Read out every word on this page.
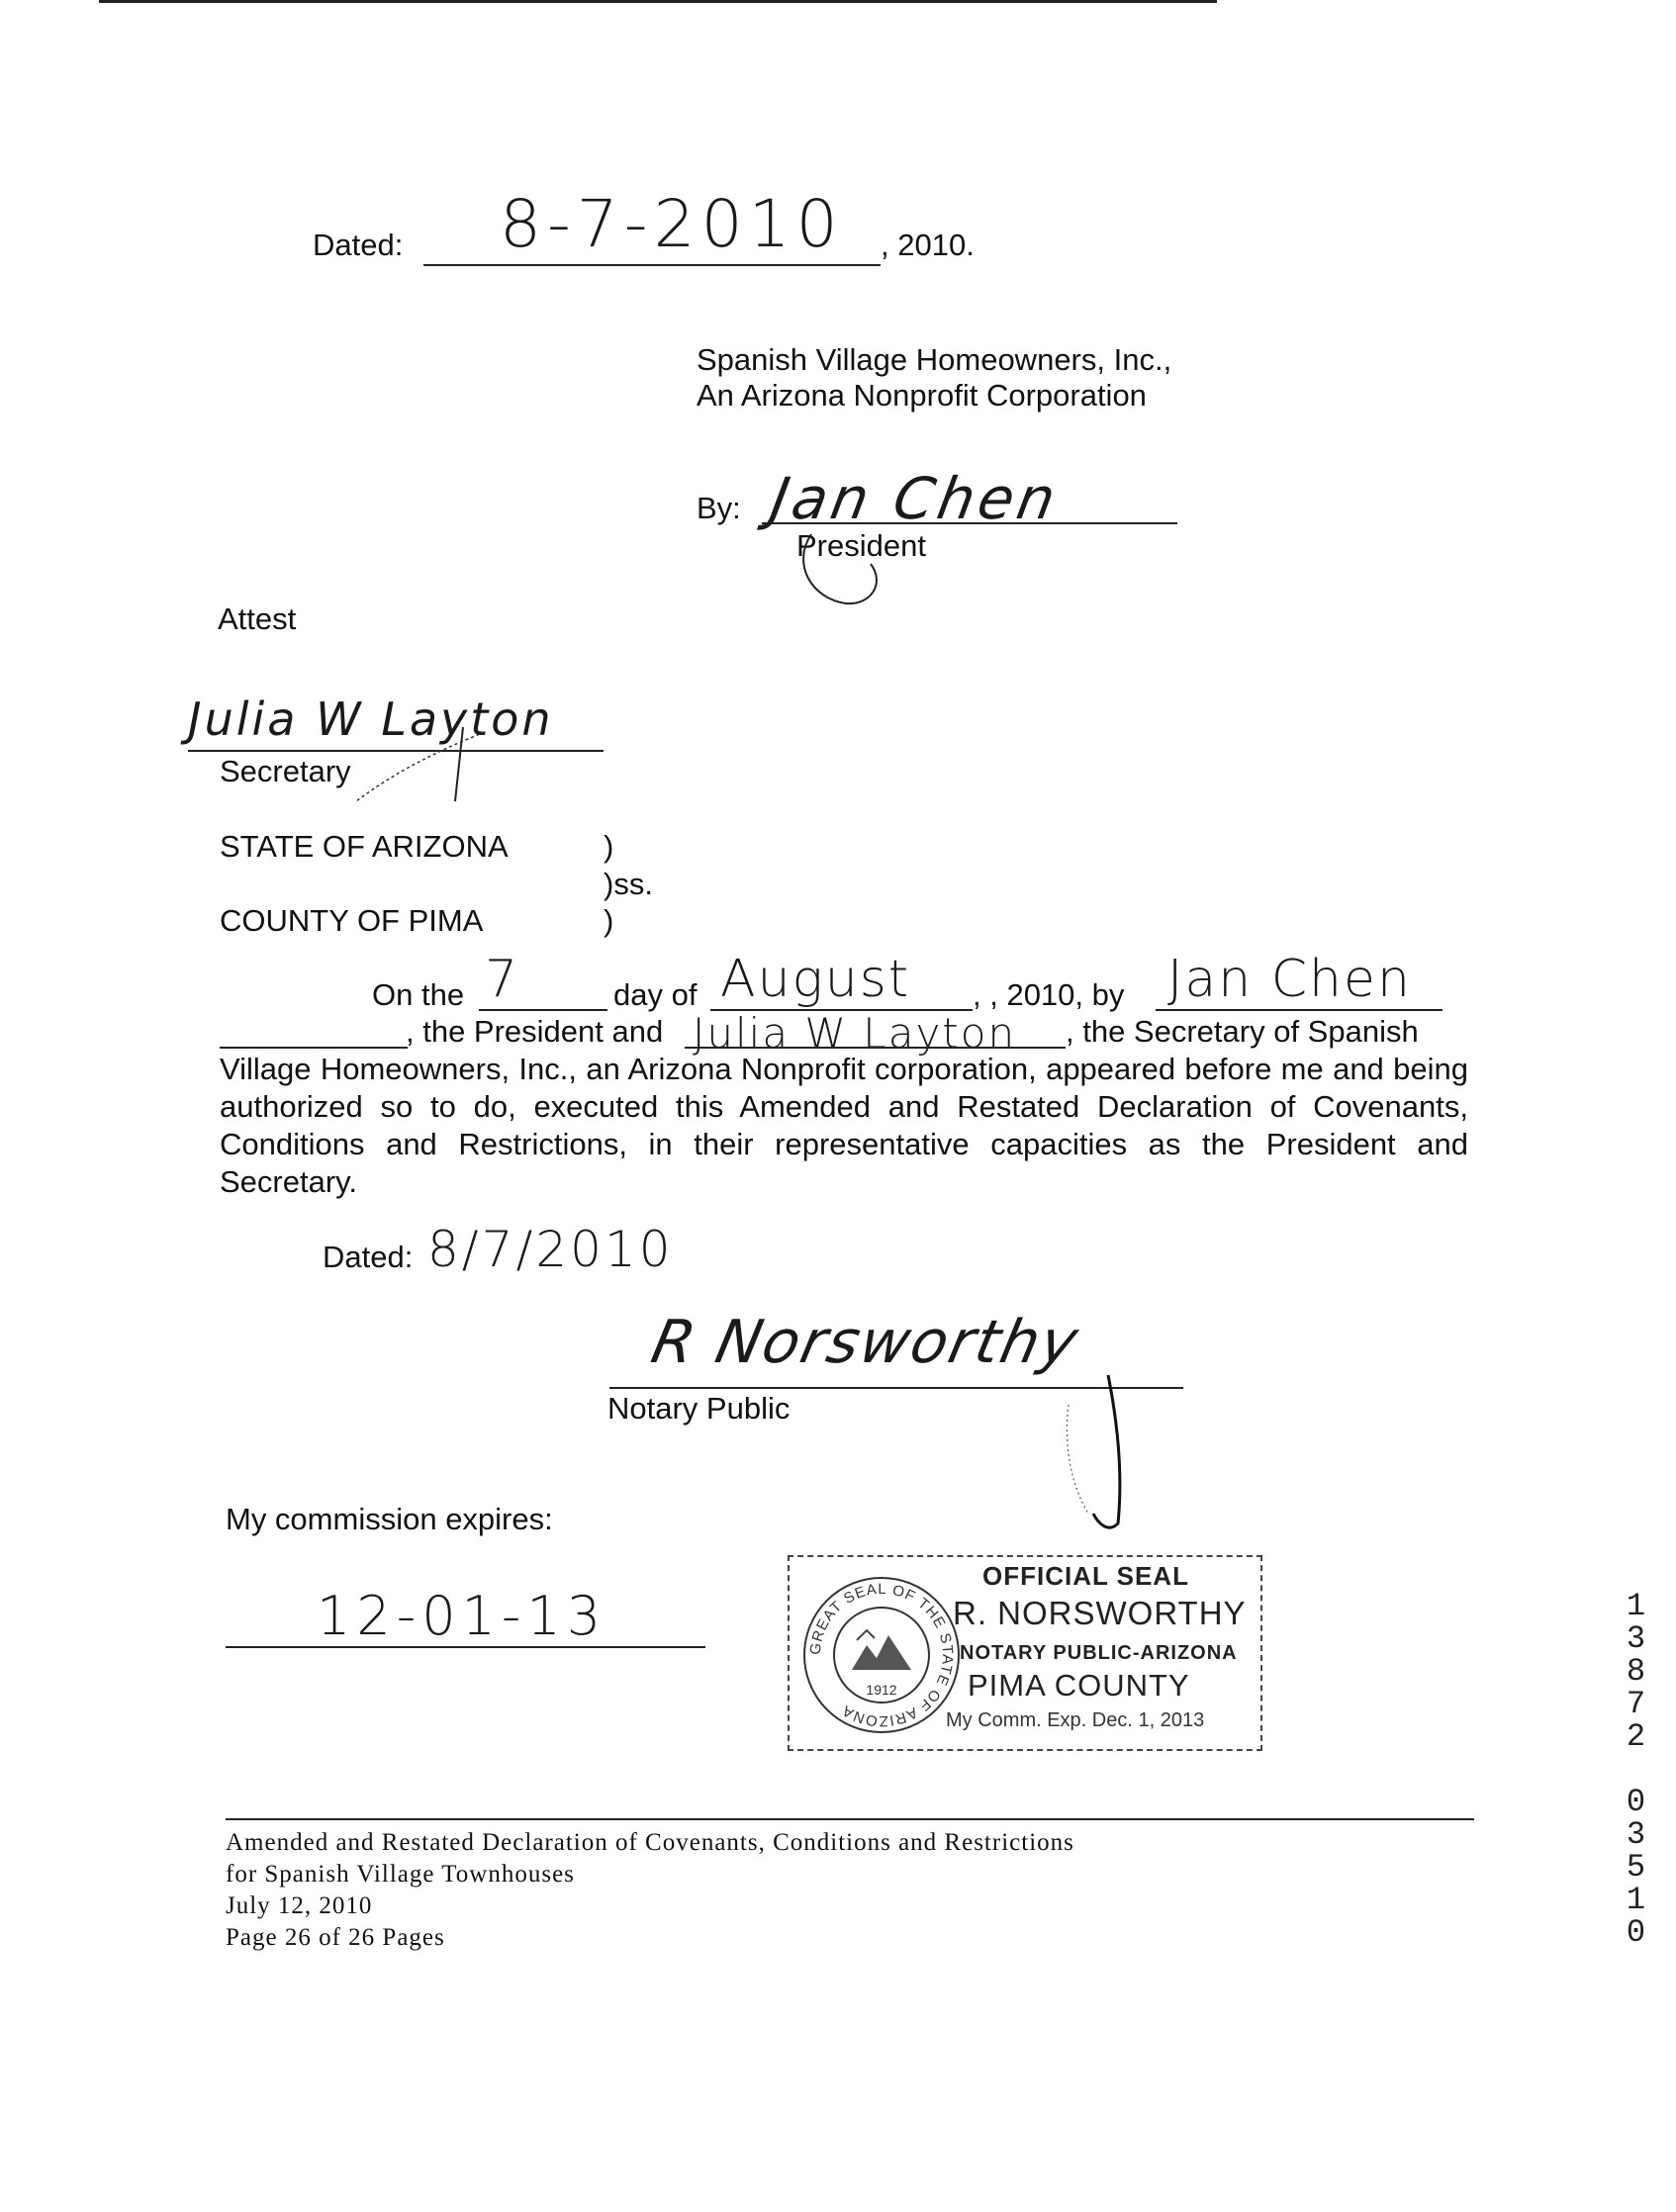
Dated: 8-7-2010 , 2010.
Spanish Village Homeowners, Inc.,
An Arizona Nonprofit Corporation
By: Jan Chen
President
Attest
Julia W Layton
Secretary
STATE OF ARIZONA	)
)ss.
COUNTY OF PIMA	)
On the 7	day of August , , 2010, by Jan Chen
, the President and Julia W Layton , the Secretary of Spanish
Village Homeowners, Inc., an Arizona Nonprofit corporation, appeared before me and being authorized so to do, executed this Amended and Restated Declaration of Covenants, Conditions and Restrictions, in their representative capacities as the President and Secretary.
Dated: 8/7/2010
R Norsworthy
Notary Public
My commission expires:
12-01-13
GREAT SEAL OF THE STATE OF ARIZONA
1912
OFFICIAL SEAL
R. NORSWORTHY
NOTARY PUBLIC-ARIZONA
PIMA COUNTY
My Comm. Exp. Dec. 1, 2013	13872 03510
Amended and Restated Declaration of Covenants, Conditions and Restrictions
for Spanish Village Townhouses
July 12, 2010
Page 26 of 26 Pages
